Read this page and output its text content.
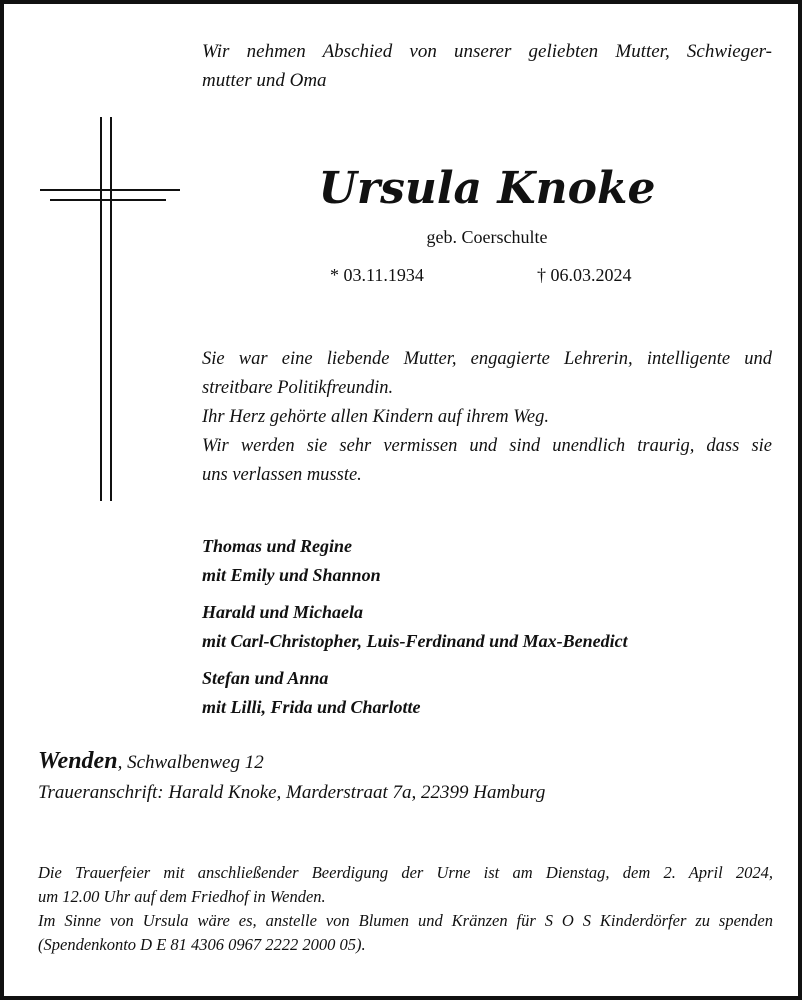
Wir nehmen Abschied von unserer geliebten Mutter, Schwieger-
mutter und Oma
Ursula Knoke
geb. Coerschulte
* 03.11.1934	† 06.03.2024

Sie war eine liebende Mutter, engagierte Lehrerin, intelligente und

streitbare Politikfreundin.

Ihr Herz gehörte allen Kindern auf ihrem Weg.

Wir werden sie sehr vermissen und sind unendlich traurig, dass sie

uns verlassen musste.

Thomas und Regine
mit Emily und Shannon
Harald und Michaela
mit Carl-Christopher, Luis-Ferdinand und Max-Benedict
Stefan und Anna
mit Lilli, Frida und Charlotte
Wenden, Schwalbenweg 12
Traueranschrift: Harald Knoke, Marderstraat 7a, 22399 Hamburg

Die Trauerfeier mit anschließender Beerdigung der Urne ist am Dienstag, dem 2. April 2024,

um 12.00 Uhr auf dem Friedhof in Wenden.

Im Sinne von Ursula wäre es, anstelle von Blumen und Kränzen für S O S Kinderdörfer zu spenden

(Spendenkonto D E 81 4306 0967 2222 2000 05).
